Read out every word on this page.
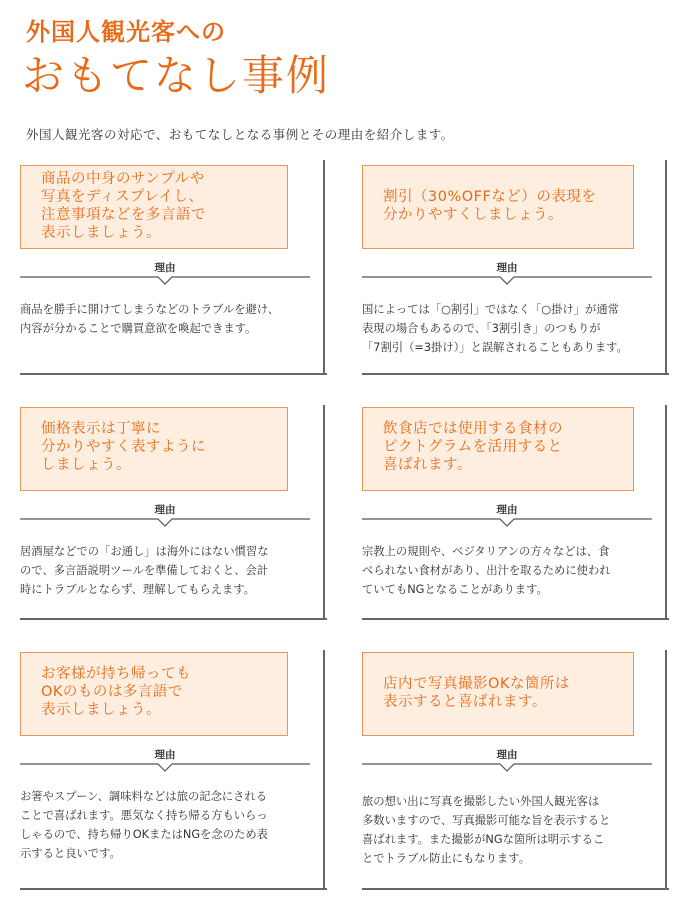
外国人観光客への
おもてなし事例
外国人観光客の対応で、おもてなしとなる事例とその理由を紹介します。
商品の中身のサンプルや
写真をディスプレイし、
注意事項などを多言語で
表示しましょう。
理由
商品を勝手に開けてしまうなどのトラブルを避け、
内容が分かることで購買意欲を喚起できます。
割引（30%OFFなど）の表現を
分かりやすくしましょう。
理由
国によっては「○割引」ではなく「○掛け」が通常
表現の場合もあるので、「3割引き」のつもりが
「7割引（=3掛け）」と誤解されることもあります。
価格表示は丁寧に
分かりやすく表すように
しましょう。
理由
居酒屋などでの「お通し」は海外にはない慣習な
ので、多言語説明ツールを準備しておくと、会計
時にトラブルとならず、理解してもらえます。
飲食店では使用する食材の
ピクトグラムを活用すると
喜ばれます。
理由
宗教上の規則や、ベジタリアンの方々などは、食
べられない食材があり、出汁を取るために使われ
ていてもNGとなることがあります。
お客様が持ち帰っても
OKのものは多言語で
表示しましょう。
理由
お箸やスプーン、調味料などは旅の記念にされる
ことで喜ばれます。悪気なく持ち帰る方もいらっ
しゃるので、持ち帰りOKまたはNGを念のため表
示すると良いです。
店内で写真撮影OKな箇所は
表示すると喜ばれます。
理由
旅の想い出に写真を撮影したい外国人観光客は
多数いますので、写真撮影可能な旨を表示すると
喜ばれます。また撮影がNGな箇所は明示するこ
とでトラブル防止にもなります。
